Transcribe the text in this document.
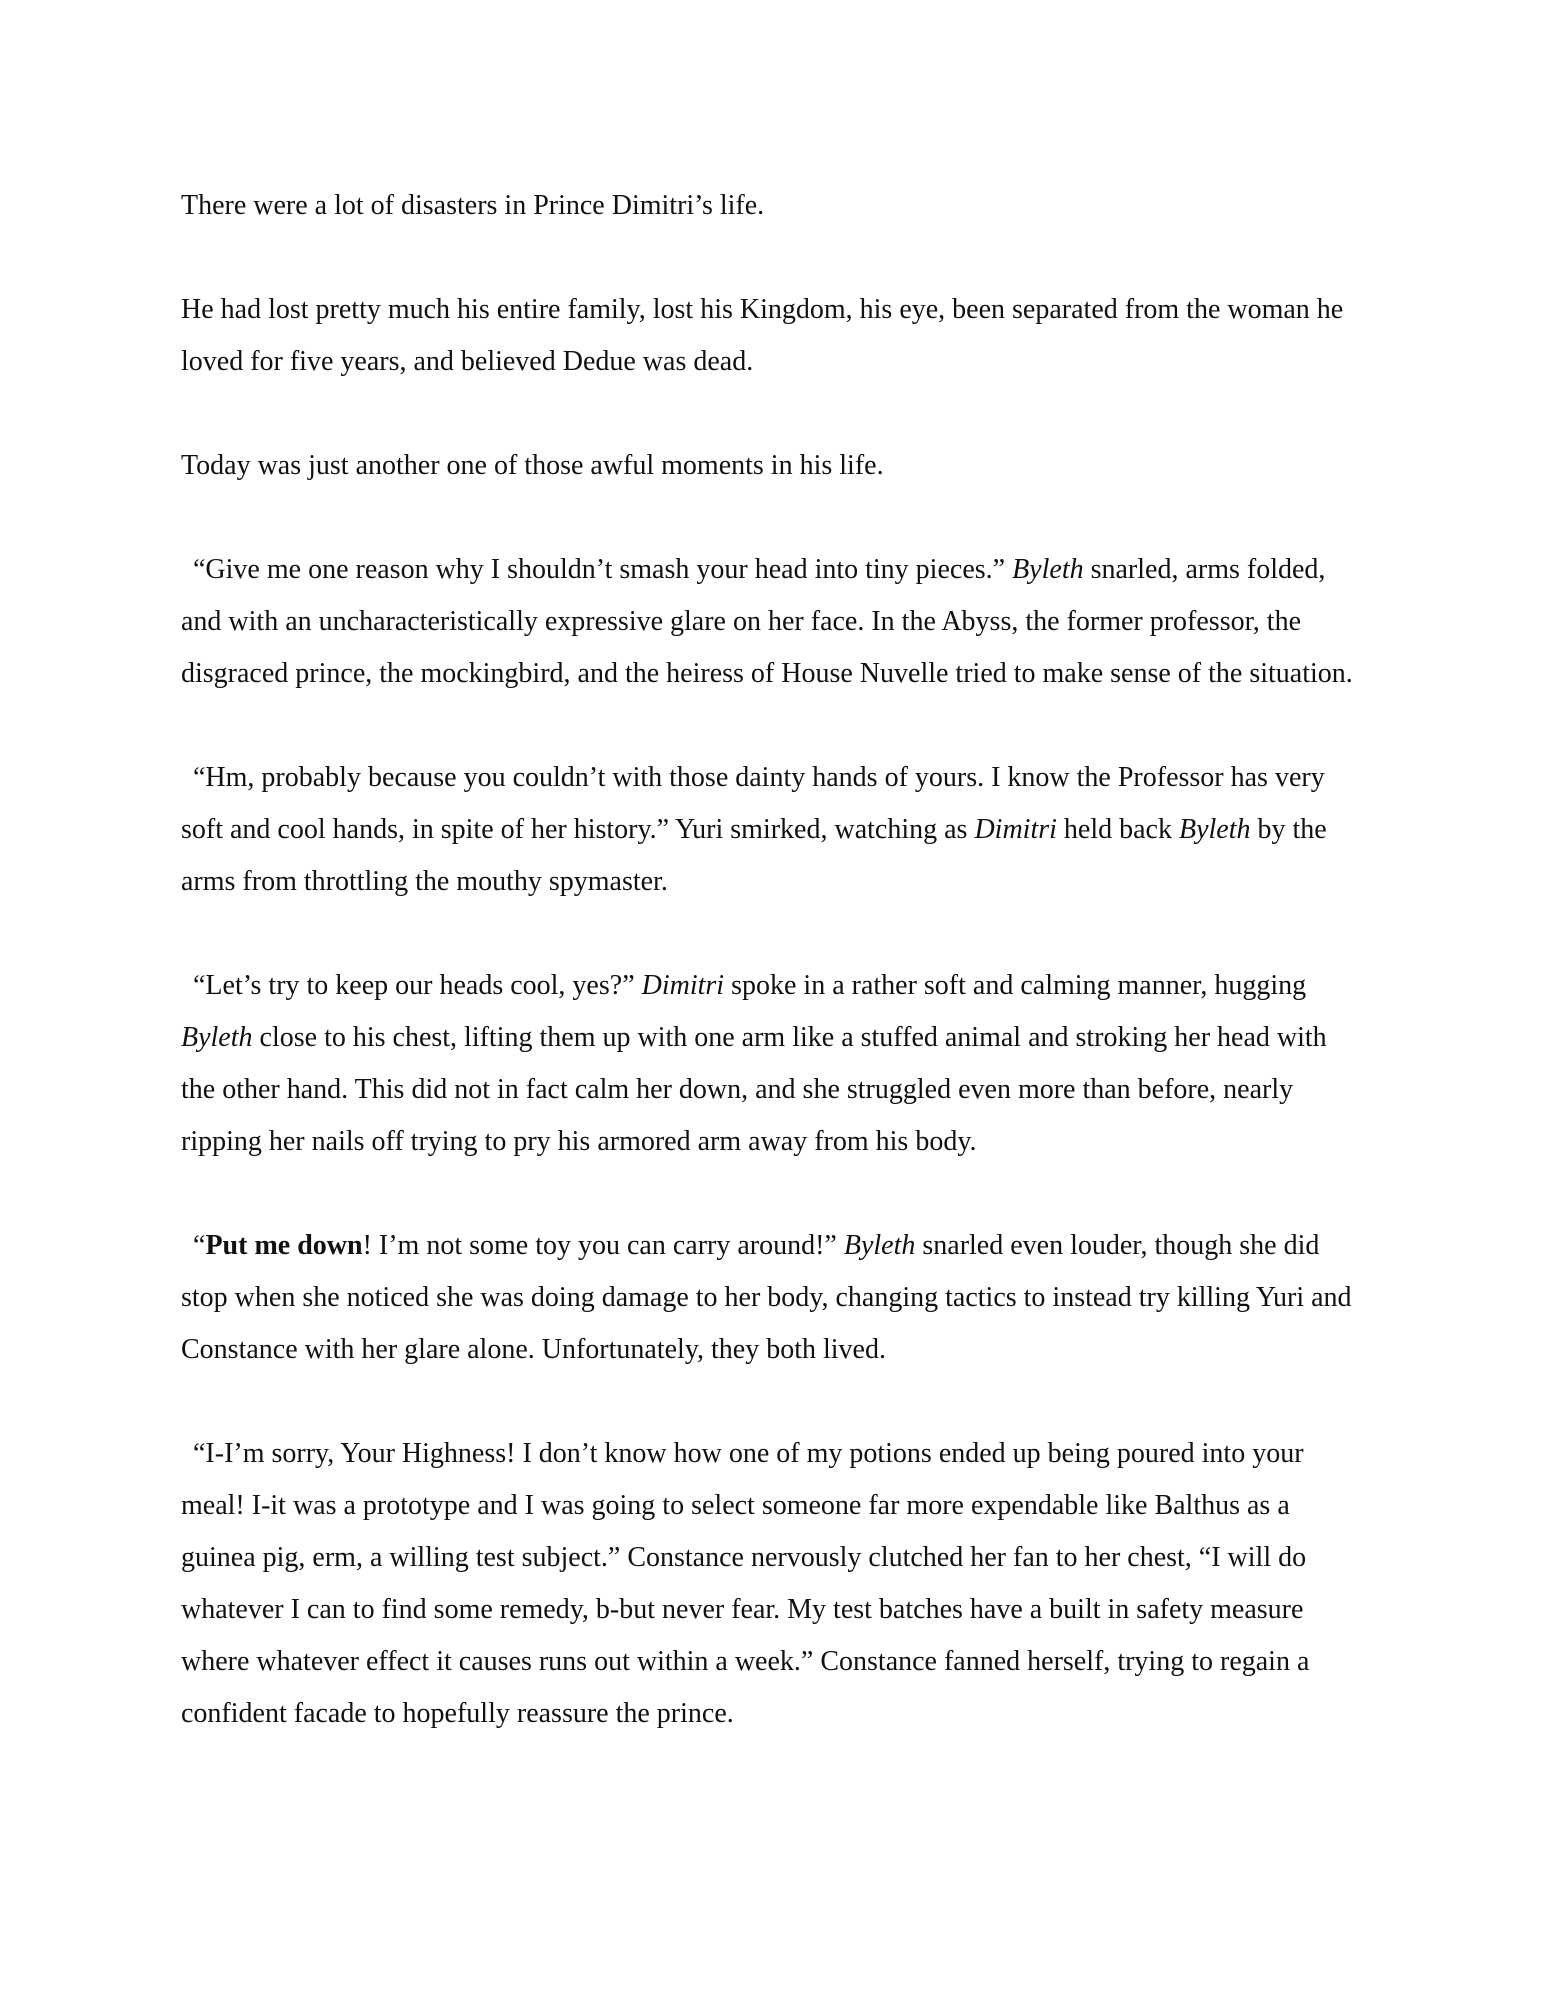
There were a lot of disasters in Prince Dimitri’s life.

He had lost pretty much his entire family, lost his Kingdom, his eye, been separated from the woman he loved for five years, and believed Dedue was dead.

Today was just another one of those awful moments in his life.

“Give me one reason why I shouldn’t smash your head into tiny pieces.” Byleth snarled, arms folded, and with an uncharacteristically expressive glare on her face. In the Abyss, the former professor, the disgraced prince, the mockingbird, and the heiress of House Nuvelle tried to make sense of the situation.

“Hm, probably because you couldn’t with those dainty hands of yours. I know the Professor has very soft and cool hands, in spite of her history.” Yuri smirked, watching as Dimitri held back Byleth by the arms from throttling the mouthy spymaster.

“Let’s try to keep our heads cool, yes?” Dimitri spoke in a rather soft and calming manner, hugging Byleth close to his chest, lifting them up with one arm like a stuffed animal and stroking her head with the other hand. This did not in fact calm her down, and she struggled even more than before, nearly ripping her nails off trying to pry his armored arm away from his body.

“Put me down! I’m not some toy you can carry around!” Byleth snarled even louder, though she did stop when she noticed she was doing damage to her body, changing tactics to instead try killing Yuri and Constance with her glare alone. Unfortunately, they both lived.

“I-I’m sorry, Your Highness! I don’t know how one of my potions ended up being poured into your meal! I-it was a prototype and I was going to select someone far more expendable like Balthus as a guinea pig, erm, a willing test subject.” Constance nervously clutched her fan to her chest, “I will do whatever I can to find some remedy, b-but never fear. My test batches have a built in safety measure where whatever effect it causes runs out within a week.” Constance fanned herself, trying to regain a confident facade to hopefully reassure the prince.
